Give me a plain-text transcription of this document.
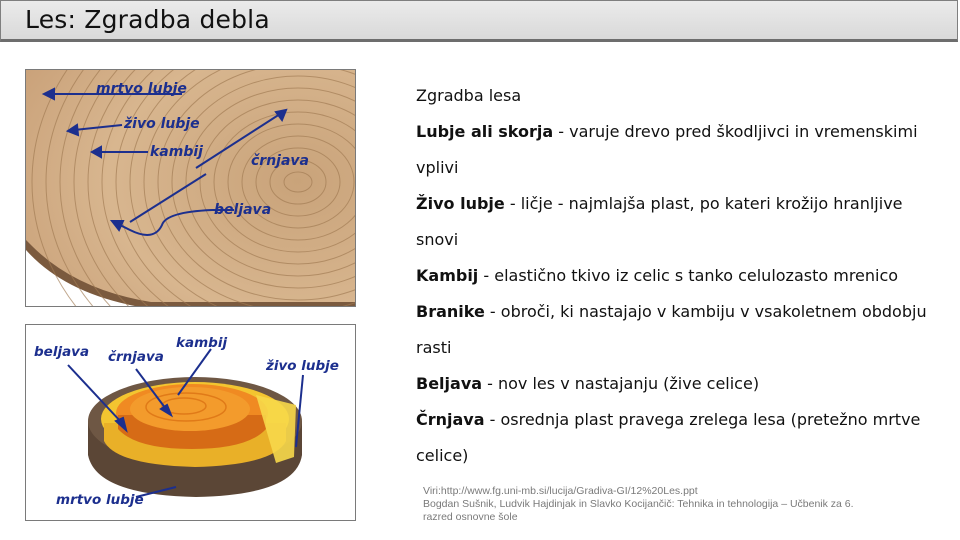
Les: Zgradba debla
mrtvo lubje
živo lubje
kambij
črnjava
beljava
beljava črnjava
kambij
živo lubje
mrtvo lubje

Zgradba lesa

Lubje ali skorja - varuje drevo pred škodljivci in vremenskimi vplivi

Živo lubje - ličje - najmlajša plast, po kateri krožijo hranljive snovi

Kambij - elastično tkivo iz celic s tanko celulozasto mrenico

Branike - obroči, ki nastajajo v kambiju v vsakoletnem obdobju rasti

Beljava - nov les v nastajanju (žive celice)

Črnjava - osrednja plast pravega zrelega lesa (pretežno mrtve celice)

Viri:http://www.fg.uni-mb.si/lucija/Gradiva-GI/12%20Les.ppt
Bogdan Sušnik, Ludvik Hajdinjak in Slavko Kocijančič: Tehnika in tehnologija – Učbenik za 6.
razred osnovne šole
